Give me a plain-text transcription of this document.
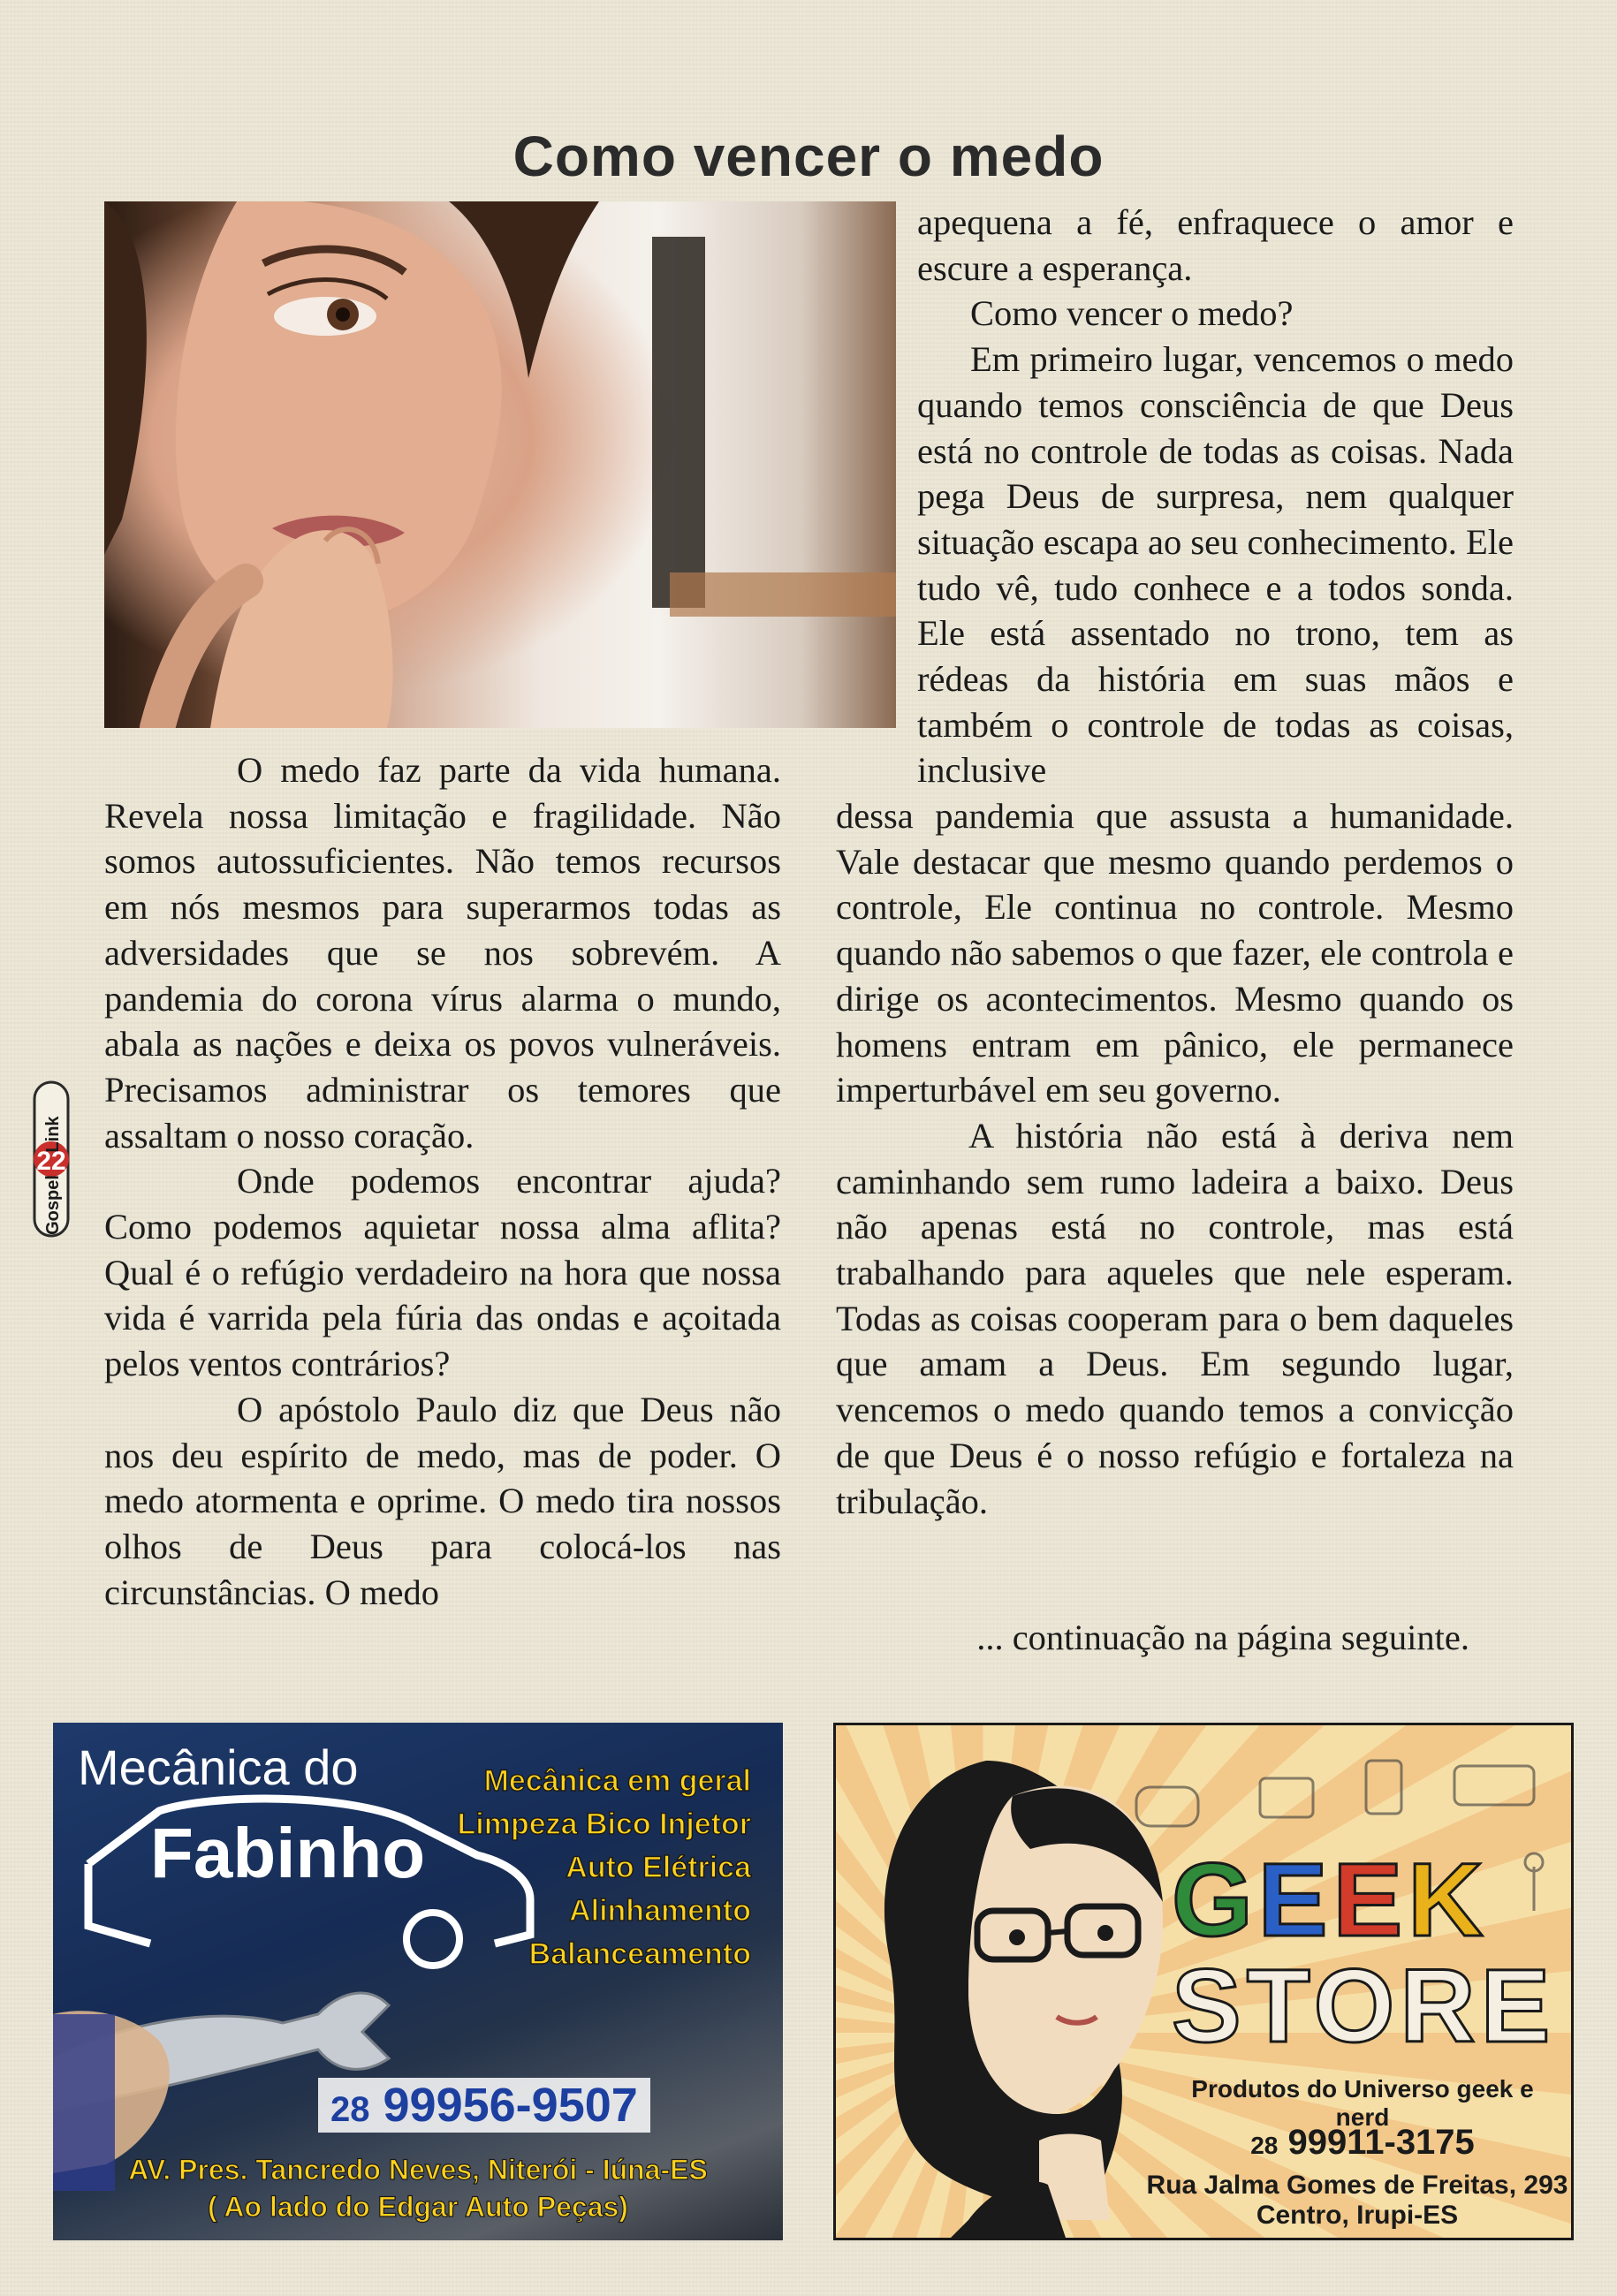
Como vencer o medo

apequena a fé, enfraquece o amor e escure a esperança.

Como vencer o medo?

Em primeiro lugar, vencemos o medo quando temos consciência de que Deus está no controle de todas as coisas. Nada pega Deus de surpresa, nem qualquer situação escapa ao seu conhecimento. Ele tudo vê, tudo conhece e a todos sonda. Ele está assentado no trono, tem as rédeas da história em suas mãos e também o controle de todas as coisas, inclusive

O medo faz parte da vida humana. Revela nossa limitação e fragilidade. Não somos autossuficientes. Não temos recursos em nós mesmos para superarmos todas as adversidades que se nos sobrevém. A pandemia do corona vírus alarma o mundo, abala as nações e deixa os povos vulneráveis. Precisamos administrar os temores que assaltam o nosso coração.

Onde podemos encontrar ajuda? Como podemos aquietar nossa alma aflita? Qual é o refúgio verdadeiro na hora que nossa vida é varrida pela fúria das ondas e açoitada pelos ventos contrários?

O apóstolo Paulo diz que Deus não nos deu espírito de medo, mas de poder. O medo atormenta e oprime. O medo tira nossos olhos de Deus para colocá-los nas circunstâncias. O medo

dessa pandemia que assusta a humanidade. Vale destacar que mesmo quando perdemos o controle, Ele continua no controle. Mesmo quando não sabemos o que fazer, ele controla e dirige os acontecimentos. Mesmo quando os homens entram em pânico, ele permanece imperturbável em seu governo.

A história não está à deriva nem caminhando sem rumo ladeira a baixo. Deus não apenas está no controle, mas está trabalhando para aqueles que nele esperam. Todas as coisas cooperam para o bem daqueles que amam a Deus. Em segundo lugar, vencemos o medo quando temos a convicção de que Deus é o nosso refúgio e fortaleza na tribulação.

... continuação na página seguinte.
22
Link
Gospel
Mecânica do
Fabinho
Mecânica em geral
Limpeza Bico Injetor
Auto Elétrica
Alinhamento
Balanceamento
28 99956-9507
AV. Pres. Tancredo Neves, Niterói - Iúna-ES
( Ao lado do Edgar Auto Peças)
GEEK
STORE
Produtos do Universo geek e nerd
28 99911-3175
Rua Jalma Gomes de Freitas, 293
Centro, Irupi-ES
